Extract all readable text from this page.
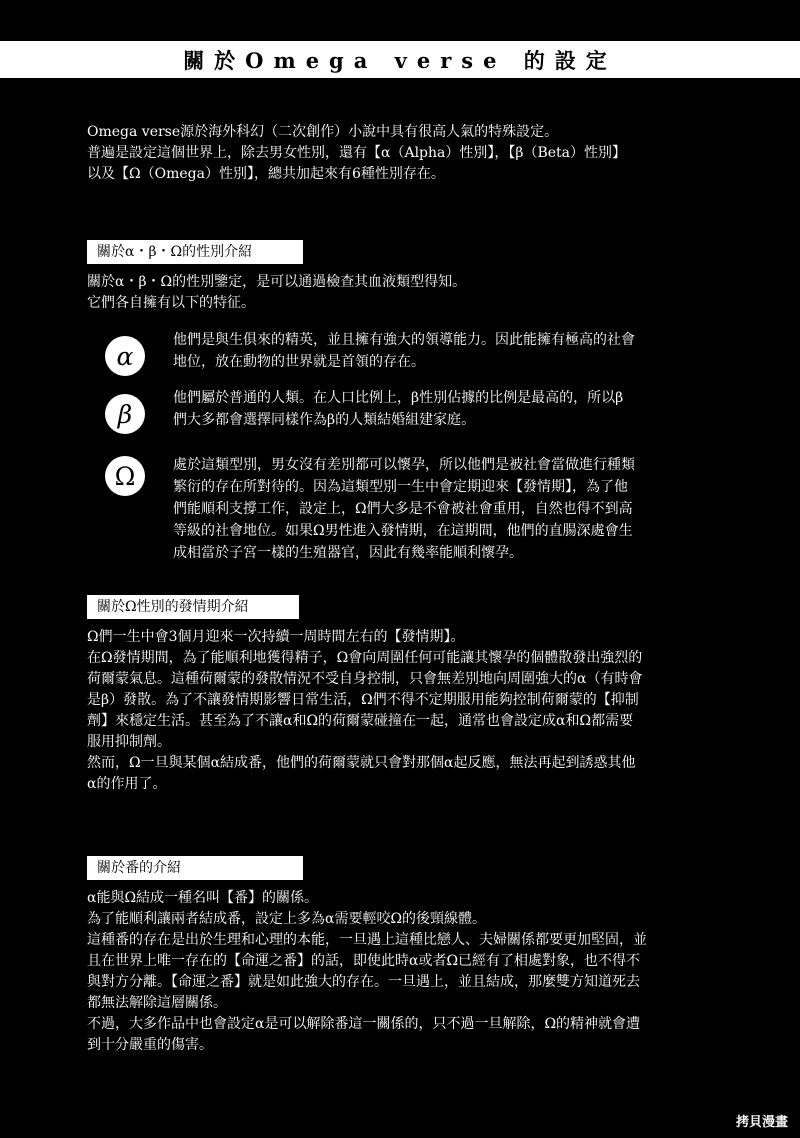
關於Omega verse 的設定

Omega verse源於海外科幻（二次創作）小說中具有很高人氣的特殊設定。
普遍是設定這個世界上，除去男女性別，還有【α（Alpha）性別】，【β（Beta）性別】
以及【Ω（Omega）性別】，總共加起來有6種性別存在。

關於α・β・Ω的性別介紹

關於α・β・Ω的性別鑒定，是可以通過檢查其血液類型得知。
它們各自擁有以下的特征。

α

他們是與生俱來的精英，並且擁有強大的領導能力。因此能擁有極高的社會
地位，放在動物的世界就是首領的存在。

β

他們屬於普通的人類。在人口比例上，β性別佔據的比例是最高的，所以β
們大多都會選擇同樣作為β的人類結婚組建家庭。

Ω	處於這類型別，男女沒有差別都可以懷孕，所以他們是被社會當做進行種類
繁衍的存在所對待的。因為這類型別一生中會定期迎來【發情期】，為了他
們能順利支撐工作，設定上，Ω們大多是不會被社會重用，自然也得不到高
等級的社會地位。如果Ω男性進入發情期，在這期間，他們的直腸深處會生
成相當於子宮一樣的生殖器官，因此有幾率能順利懷孕。

關於Ω性別的發情期介紹

Ω們一生中會3個月迎來一次持續一周時間左右的【發情期】。
在Ω發情期間，為了能順利地獲得精子，Ω會向周圍任何可能讓其懷孕的個體散發出強烈的
荷爾蒙氣息。這種荷爾蒙的發散情況不受自身控制，只會無差別地向周圍強大的α（有時會
是β）發散。為了不讓發情期影響日常生活，Ω們不得不定期服用能夠控制荷爾蒙的【抑制
劑】來穩定生活。甚至為了不讓α和Ω的荷爾蒙碰撞在一起，通常也會設定成α和Ω都需要
服用抑制劑。
然而，Ω一旦與某個α結成番，他們的荷爾蒙就只會對那個α起反應，無法再起到誘惑其他
α的作用了。

關於番的介紹

α能與Ω結成一種名叫【番】的關係。
為了能順利讓兩者結成番，設定上多為α需要輕咬Ω的後頸線體。
這種番的存在是出於生理和心理的本能，一旦遇上這種比戀人、夫婦關係都要更加堅固，並
且在世界上唯一存在的【命運之番】的話，即使此時α或者Ω已經有了相處對象，也不得不
與對方分離。【命運之番】就是如此強大的存在。一旦遇上，並且結成，那麼雙方知道死去
都無法解除這層關係。
不過，大多作品中也會設定α是可以解除番這一關係的，只不過一旦解除，Ω的精神就會遭
到十分嚴重的傷害。

拷貝漫畫
